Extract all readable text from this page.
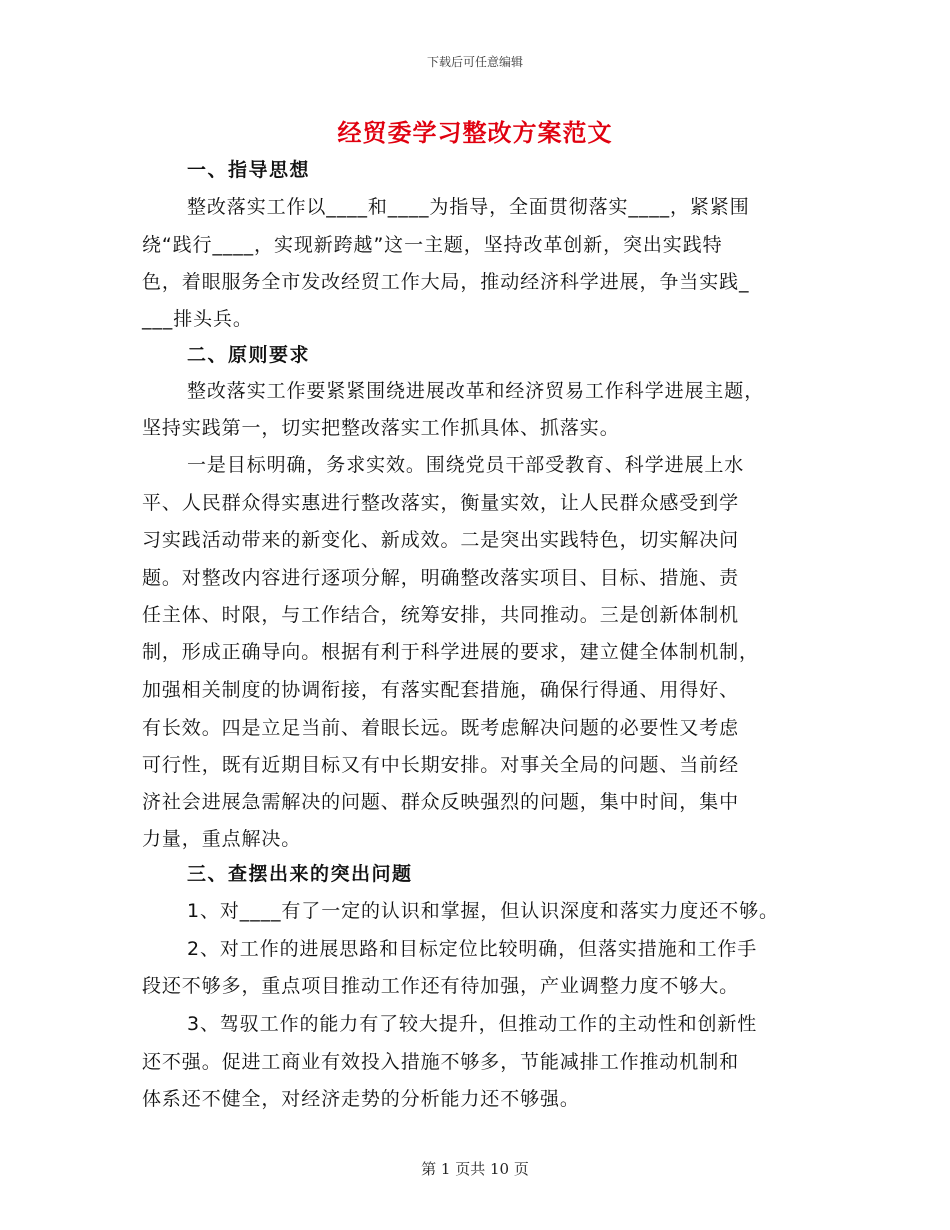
下载后可任意编辑
经贸委学习整改方案范文
一、指导思想
整改落实工作以____和____为指导，全面贯彻落实____，紧紧围
绕“践行____，实现新跨越”这一主题，坚持改革创新，突出实践特
色，着眼服务全市发改经贸工作大局，推动经济科学进展，争当实践_
___排头兵。
二、原则要求
整改落实工作要紧紧围绕进展改革和经济贸易工作科学进展主题，
坚持实践第一，切实把整改落实工作抓具体、抓落实。
一是目标明确，务求实效。围绕党员干部受教育、科学进展上水
平、人民群众得实惠进行整改落实，衡量实效，让人民群众感受到学
习实践活动带来的新变化、新成效。二是突出实践特色，切实解决问
题。对整改内容进行逐项分解，明确整改落实项目、目标、措施、责
任主体、时限，与工作结合，统筹安排，共同推动。三是创新体制机
制，形成正确导向。根据有利于科学进展的要求，建立健全体制机制，
加强相关制度的协调衔接，有落实配套措施，确保行得通、用得好、
有长效。四是立足当前、着眼长远。既考虑解决问题的必要性又考虑
可行性，既有近期目标又有中长期安排。对事关全局的问题、当前经
济社会进展急需解决的问题、群众反映强烈的问题，集中时间，集中
力量，重点解决。
三、查摆出来的突出问题
1、对____有了一定的认识和掌握，但认识深度和落实力度还不够。
2、对工作的进展思路和目标定位比较明确，但落实措施和工作手
段还不够多，重点项目推动工作还有待加强，产业调整力度不够大。
3、驾驭工作的能力有了较大提升，但推动工作的主动性和创新性
还不强。促进工商业有效投入措施不够多，节能减排工作推动机制和
体系还不健全，对经济走势的分析能力还不够强。
第 1 页共 10 页
